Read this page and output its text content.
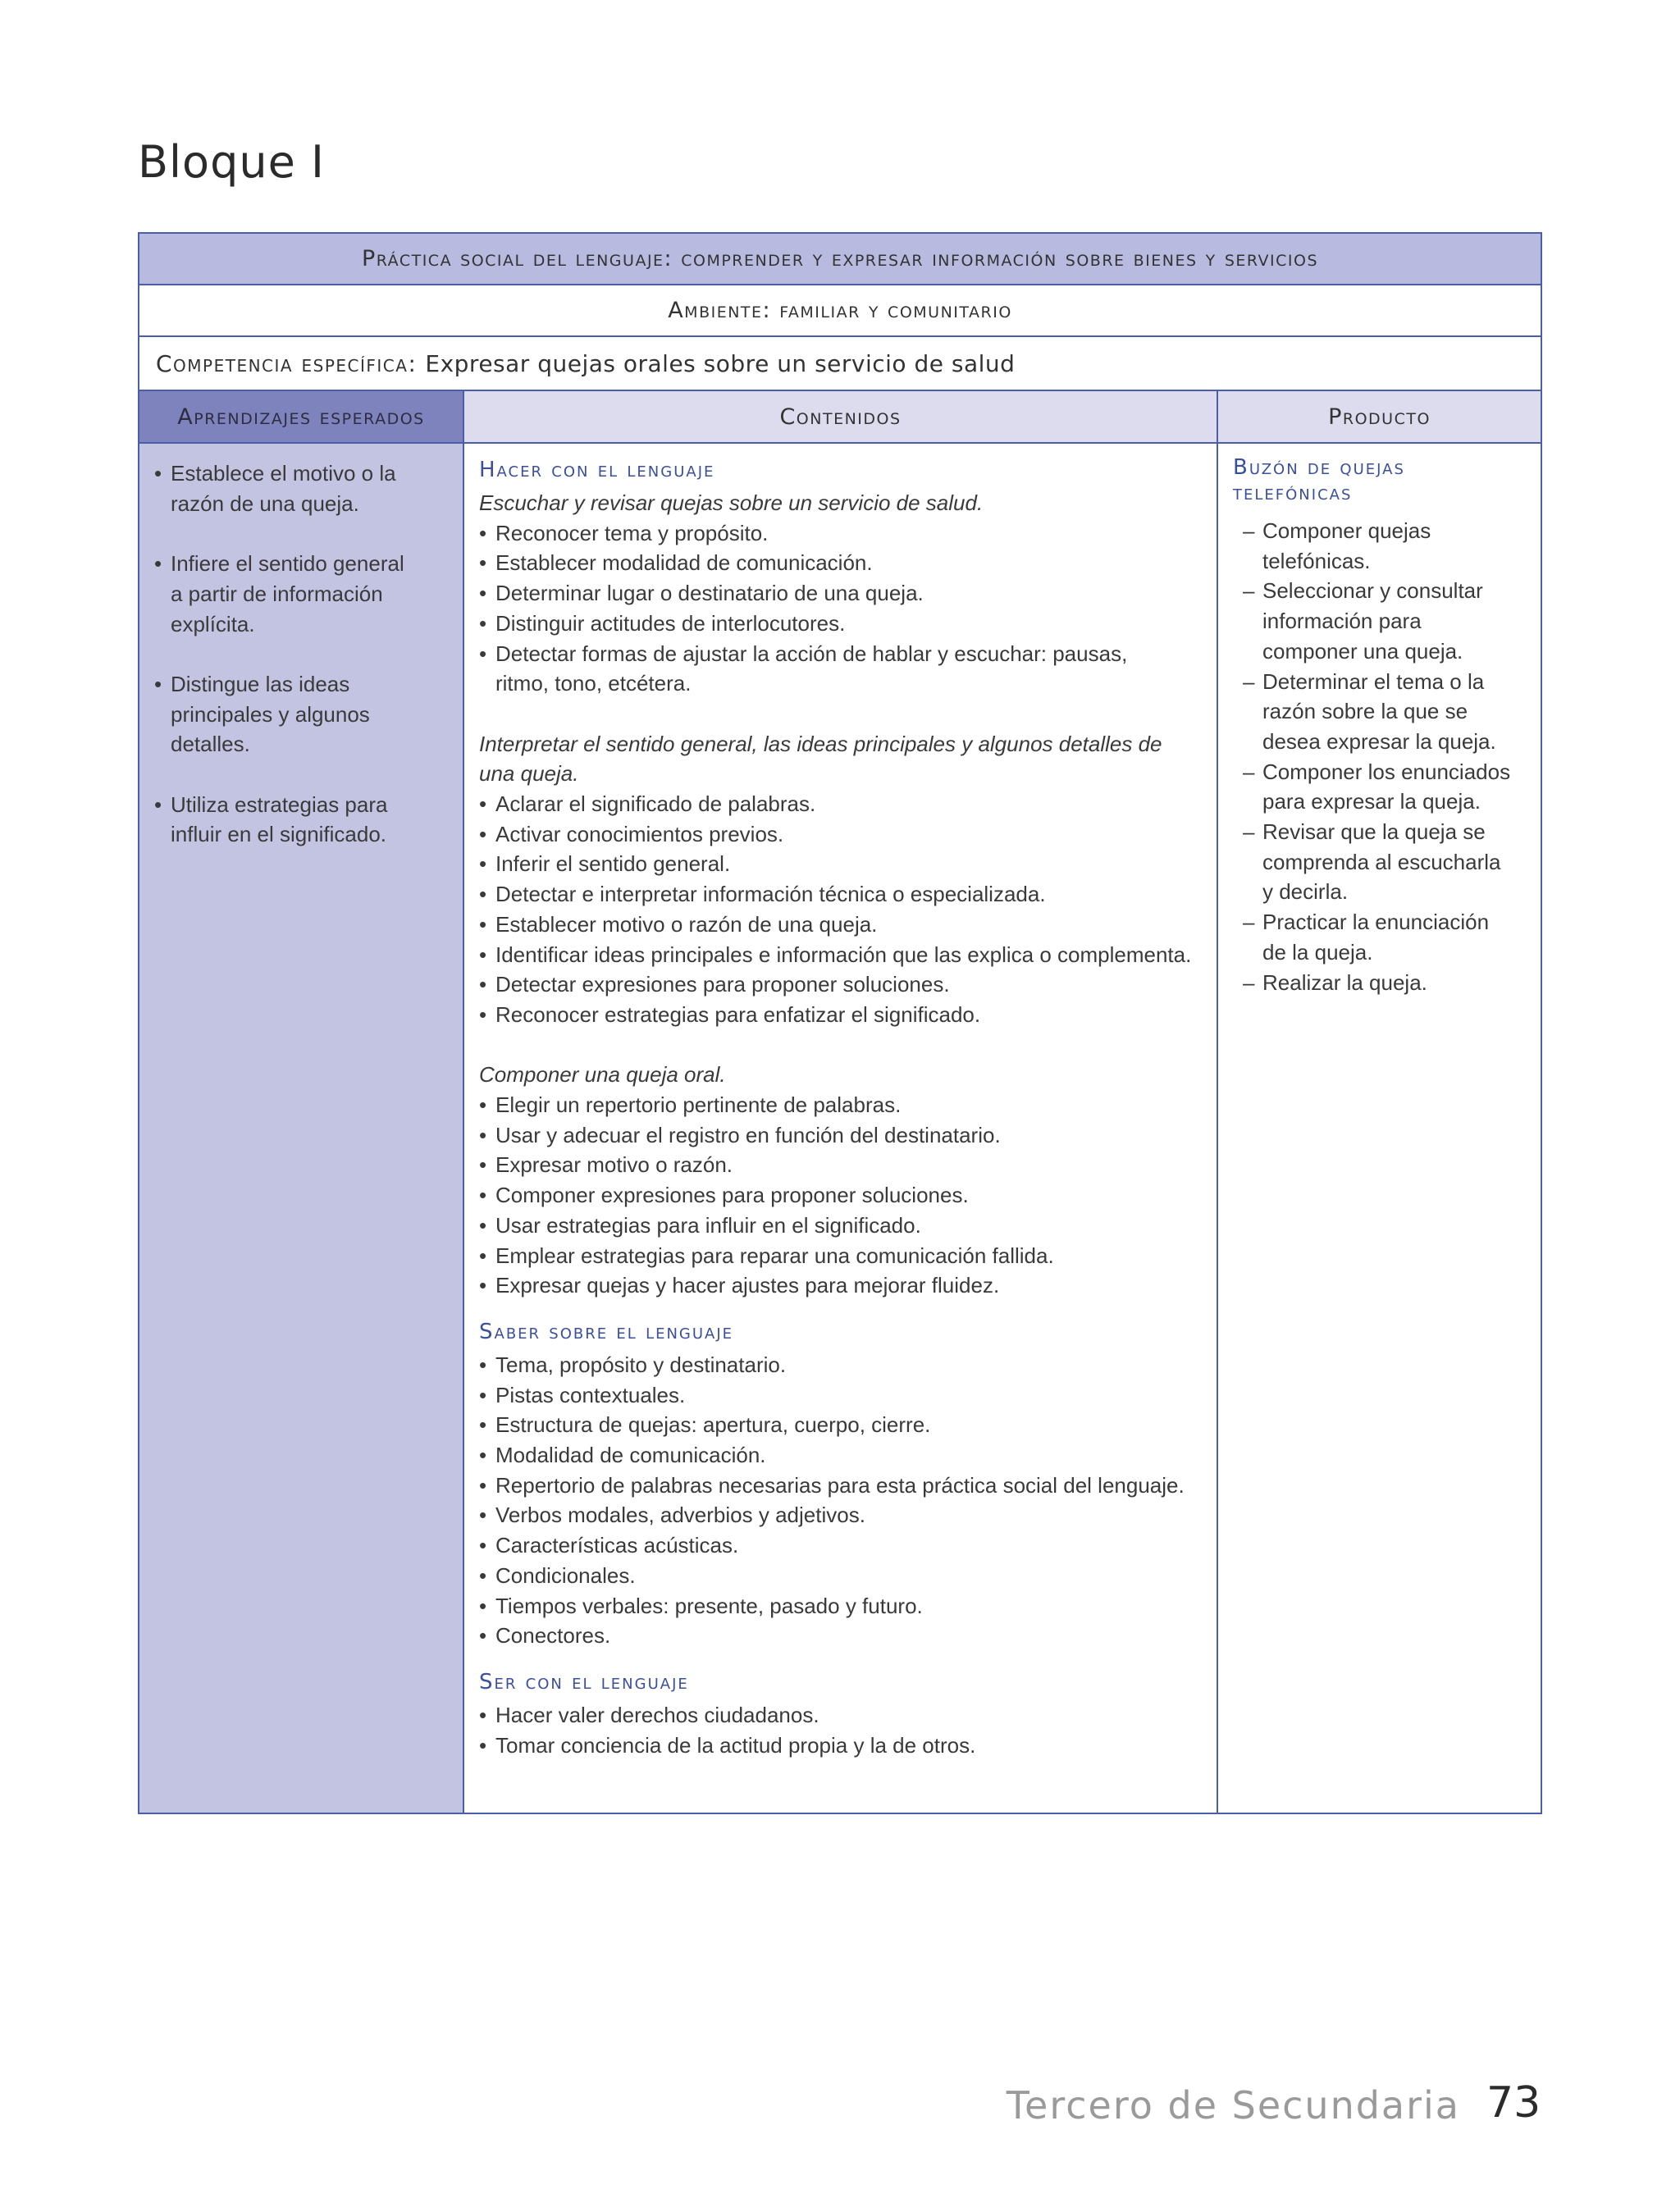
Bloque I
Práctica social del lenguaje: comprender y expresar información sobre bienes y servicios
Ambiente: familiar y comunitario
Competencia específica: Expresar quejas orales sobre un servicio de salud
Aprendizajes esperados	Contenidos	Producto
• Establece el motivo o la
razón de una queja.
• Infiere el sentido general
a partir de información
explícita.
• Distingue las ideas
principales y algunos
detalles.
• Utiliza estrategias para
influir en el significado.
Hacer con el lenguaje
Escuchar y revisar quejas sobre un servicio de salud.
• Reconocer tema y propósito.
• Establecer modalidad de comunicación.
• Determinar lugar o destinatario de una queja.
• Distinguir actitudes de interlocutores.
• Detectar formas de ajustar la acción de hablar y escuchar: pausas,
ritmo, tono, etcétera.
Interpretar el sentido general, las ideas principales y algunos detalles de
una queja.
• Aclarar el significado de palabras.
• Activar conocimientos previos.
• Inferir el sentido general.
• Detectar e interpretar información técnica o especializada.
• Establecer motivo o razón de una queja.
• Identificar ideas principales e información que las explica o complementa.
• Detectar expresiones para proponer soluciones.
• Reconocer estrategias para enfatizar el significado.
Componer una queja oral.
• Elegir un repertorio pertinente de palabras.
• Usar y adecuar el registro en función del destinatario.
• Expresar motivo o razón.
• Componer expresiones para proponer soluciones.
• Usar estrategias para influir en el significado.
• Emplear estrategias para reparar una comunicación fallida.
• Expresar quejas y hacer ajustes para mejorar fluidez.
Saber sobre el lenguaje
• Tema, propósito y destinatario.
• Pistas contextuales.
• Estructura de quejas: apertura, cuerpo, cierre.
• Modalidad de comunicación.
• Repertorio de palabras necesarias para esta práctica social del lenguaje.
• Verbos modales, adverbios y adjetivos.
• Características acústicas.
• Condicionales.
• Tiempos verbales: presente, pasado y futuro.
• Conectores.
Ser con el lenguaje
• Hacer valer derechos ciudadanos.
• Tomar conciencia de la actitud propia y la de otros.
Buzón de quejas
telefónicas
– Componer quejas
telefónicas.
– Seleccionar y consultar
información para
componer una queja.
– Determinar el tema o la
razón sobre la que se
desea expresar la queja.
– Componer los enunciados
para expresar la queja.
– Revisar que la queja se
comprenda al escucharla
y decirla.
– Practicar la enunciación
de la queja.
– Realizar la queja.
Tercero de Secundaria 73
